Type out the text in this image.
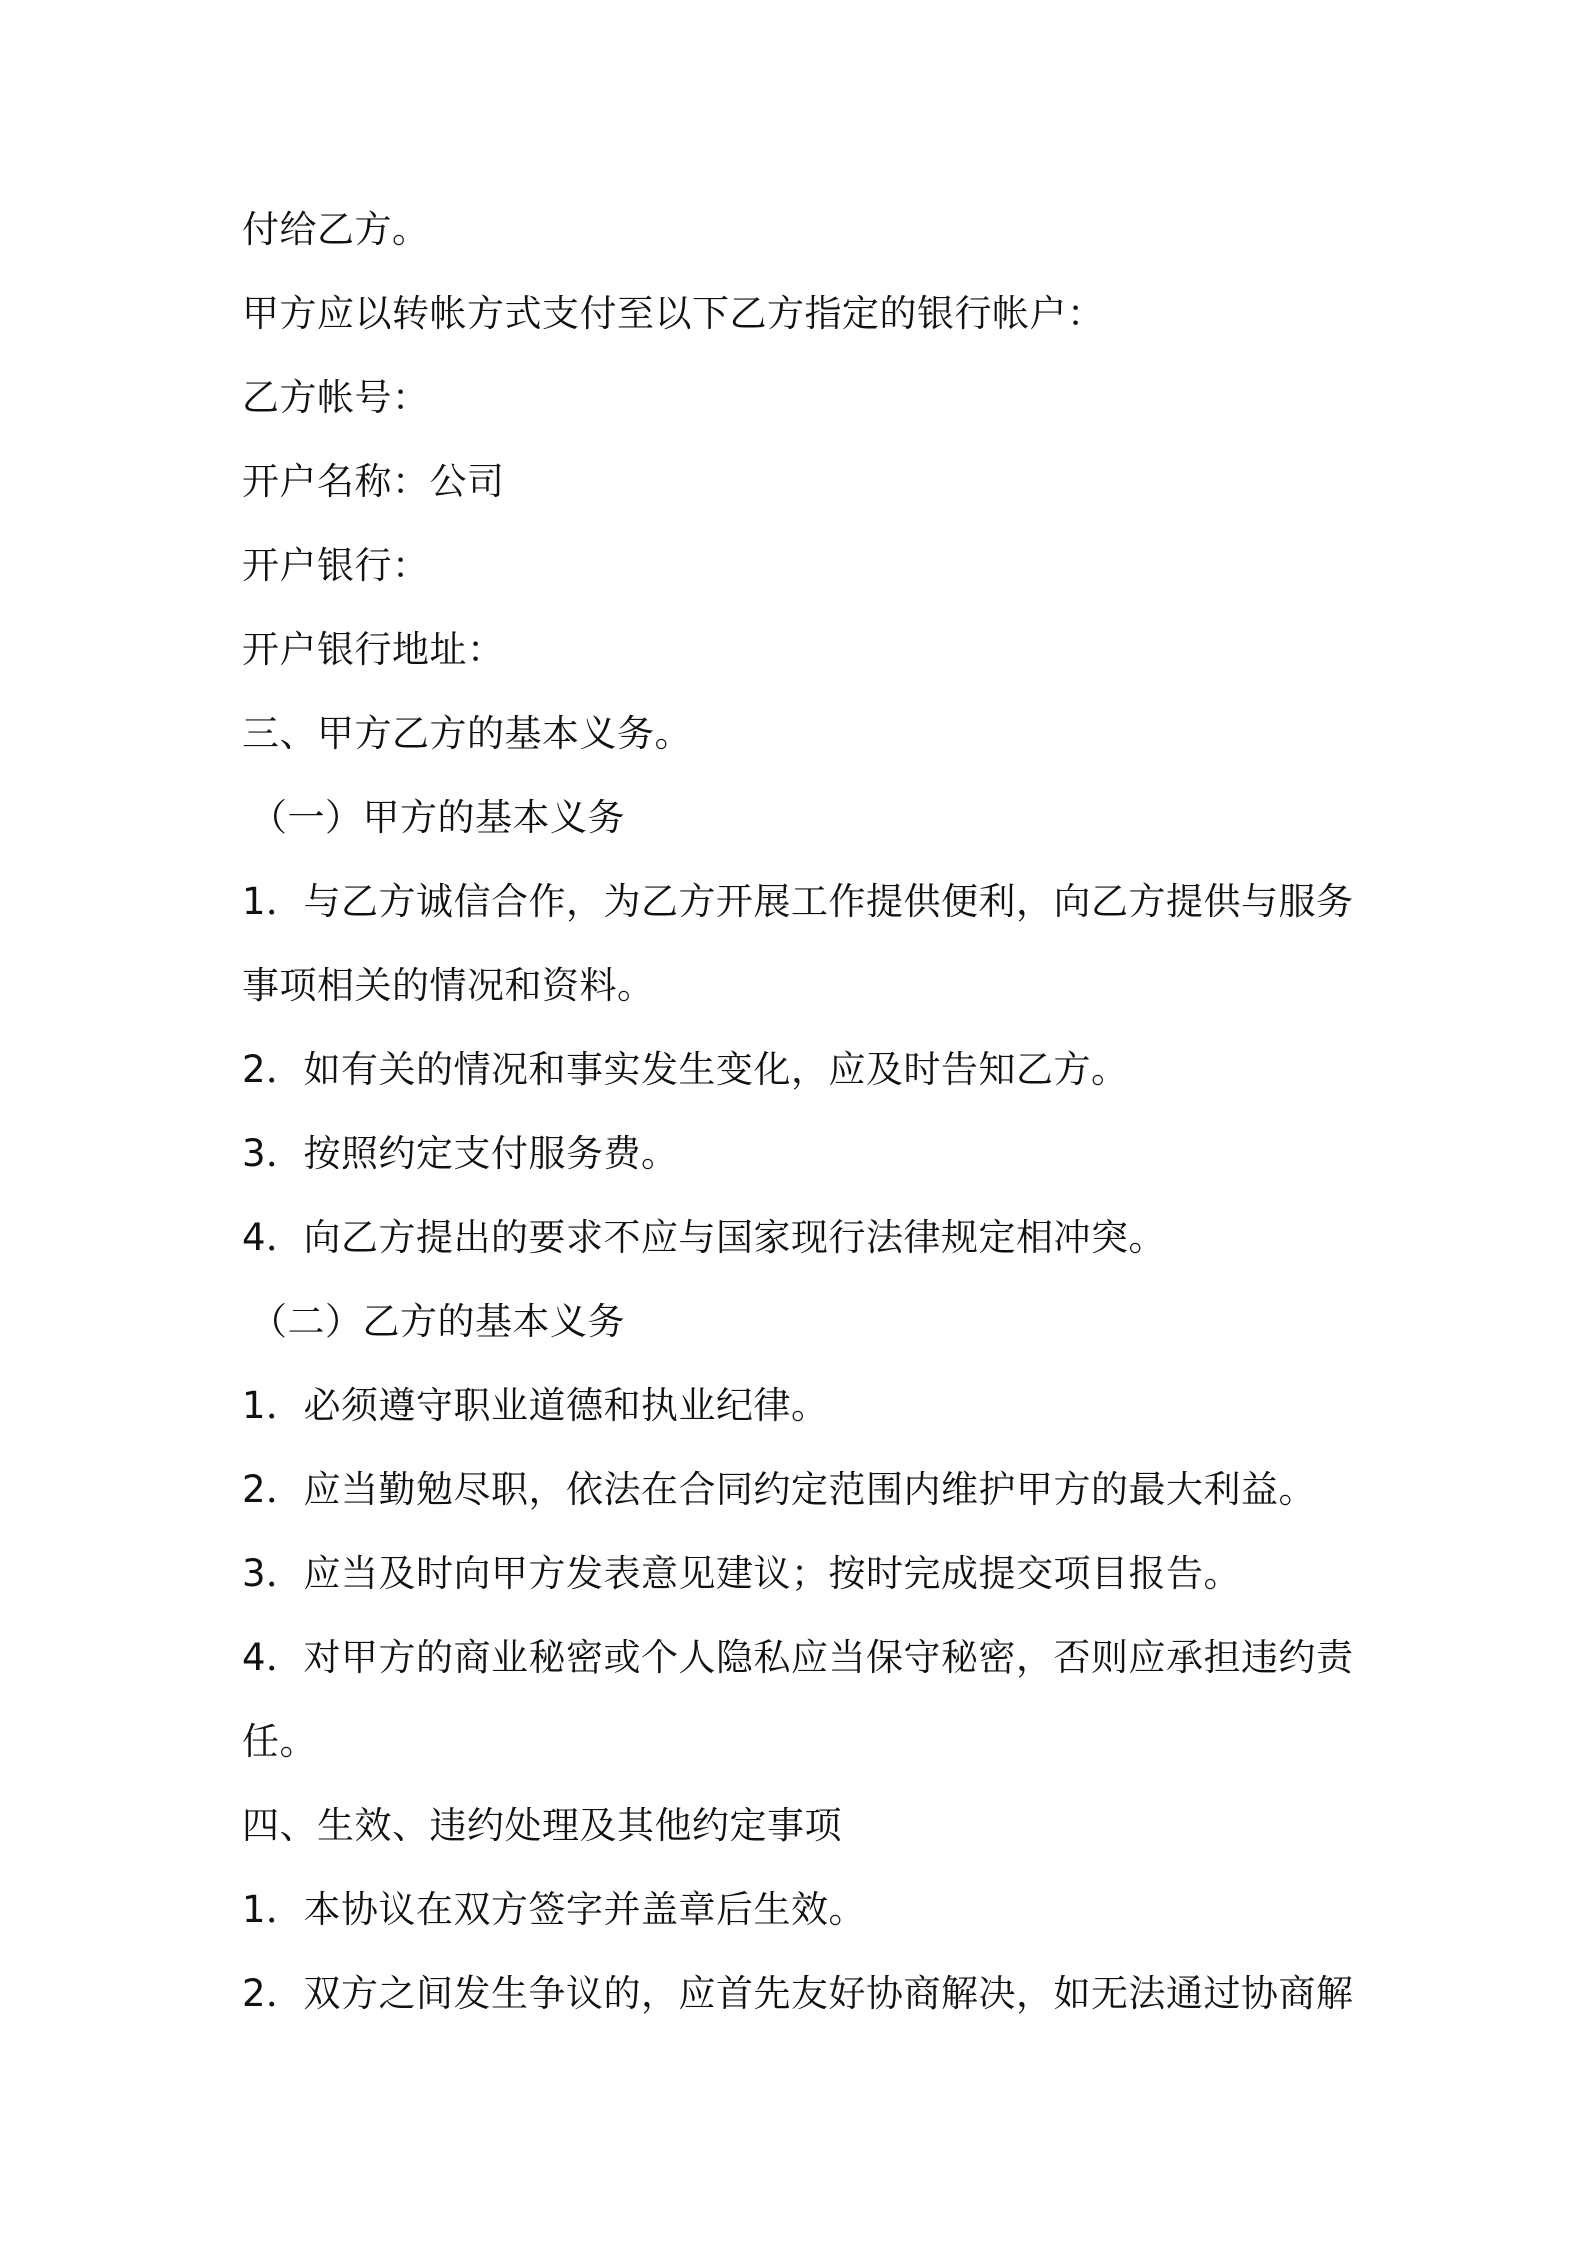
付给乙方。

甲方应以转帐方式支付至以下乙方指定的银行帐户：

乙方帐号：

开户名称：公司

开户银行：

开户银行地址：

三、甲方乙方的基本义务。

（一）甲方的基本义务

1．与乙方诚信合作，为乙方开展工作提供便利，向乙方提供与服务

事项相关的情况和资料。

2．如有关的情况和事实发生变化，应及时告知乙方。

3．按照约定支付服务费。

4．向乙方提出的要求不应与国家现行法律规定相冲突。

（二）乙方的基本义务

1．必须遵守职业道德和执业纪律。

2．应当勤勉尽职，依法在合同约定范围内维护甲方的最大利益。

3．应当及时向甲方发表意见建议；按时完成提交项目报告。

4．对甲方的商业秘密或个人隐私应当保守秘密，否则应承担违约责

任。

四、生效、违约处理及其他约定事项

1．本协议在双方签字并盖章后生效。

2．双方之间发生争议的，应首先友好协商解决，如无法通过协商解
